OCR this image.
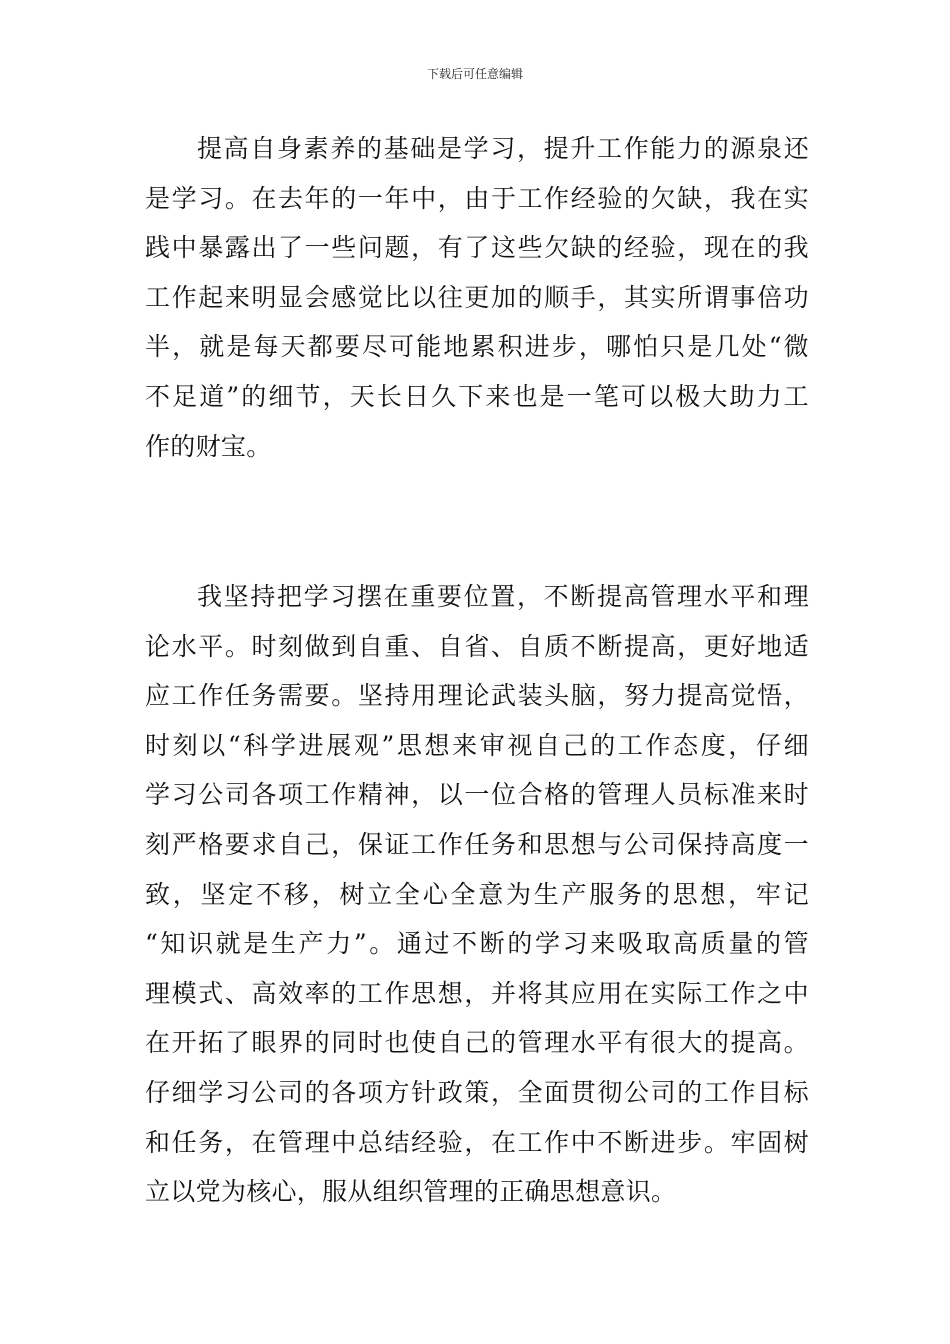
下载后可任意编辑
提高自身素养的基础是学习，提升工作能力的源泉还
是学习。在去年的一年中，由于工作经验的欠缺，我在实
践中暴露出了一些问题，有了这些欠缺的经验，现在的我
工作起来明显会感觉比以往更加的顺手，其实所谓事倍功
半，就是每天都要尽可能地累积进步，哪怕只是几处“微
不足道”的细节，天长日久下来也是一笔可以极大助力工
作的财宝。
我坚持把学习摆在重要位置，不断提高管理水平和理
论水平。时刻做到自重、自省、自质不断提高，更好地适
应工作任务需要。坚持用理论武装头脑，努力提高觉悟，
时刻以“科学进展观”思想来审视自己的工作态度，仔细
学习公司各项工作精神，以一位合格的管理人员标准来时
刻严格要求自己，保证工作任务和思想与公司保持高度一
致，坚定不移，树立全心全意为生产服务的思想，牢记
“知识就是生产力”。通过不断的学习来吸取高质量的管
理模式、高效率的工作思想，并将其应用在实际工作之中
在开拓了眼界的同时也使自己的管理水平有很大的提高。
仔细学习公司的各项方针政策，全面贯彻公司的工作目标
和任务，在管理中总结经验，在工作中不断进步。牢固树
立以党为核心，服从组织管理的正确思想意识。
